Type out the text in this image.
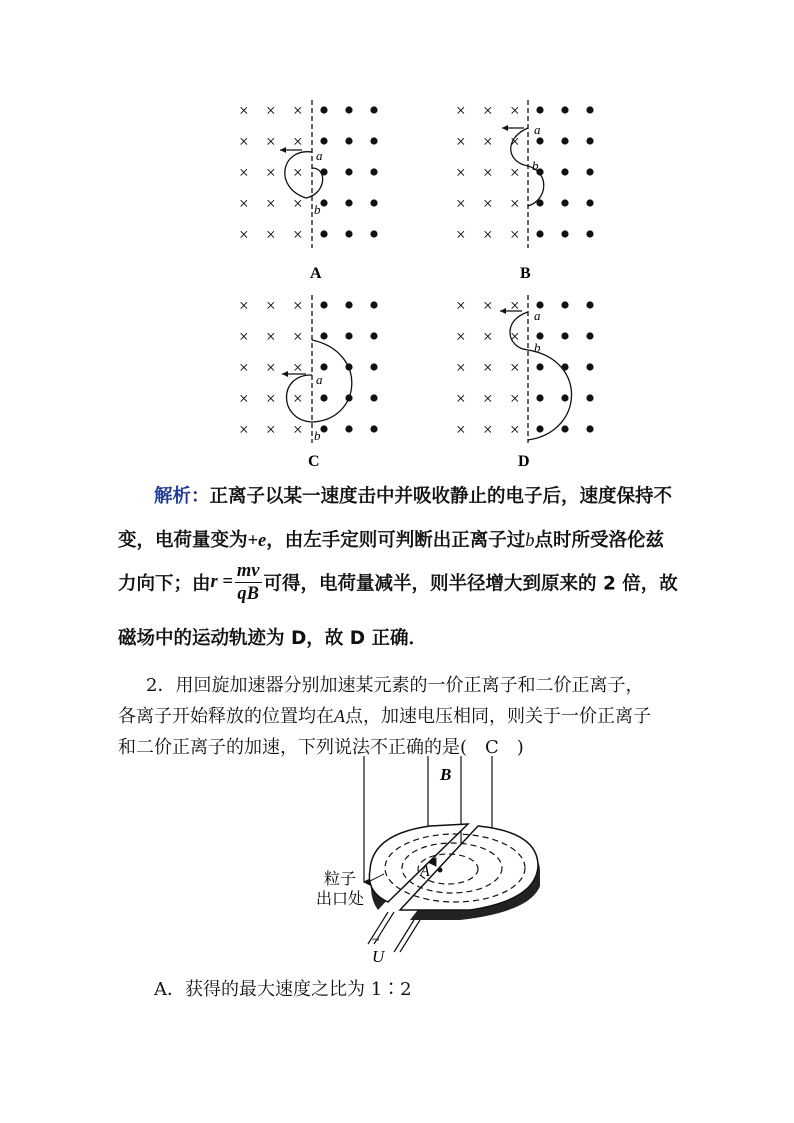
× × ×
× × ×
× × ×
× × ×
× × ×
a
b
A
× × ×
× × ×
× × ×
× × ×
× × ×
a
b
B
× × ×
× × ×
× × ×
× × ×
× × ×
a
b
C
× × ×
× × ×
× × ×
× × ×
× × ×
a
b
D
解析：正离子以某一速度击中并吸收静止的电子后，速度保持不
变，电荷量变为+e，由左手定则可判断出正离子过b点时所受洛伦兹
力向下；由$r = \frac{mv}{qB}$ 可得，电荷量减半，则半径增大到原来的 2 倍，故
磁场中的运动轨迹为 D，故 D 正确．
2．用回旋加速器分别加速某元素的一价正离子和二价正离子，
各离子开始释放的位置均在A点，加速电压相同，则关于一价正离子
和二价正离子的加速，下列说法不正确的是(　C　)
B
A
粒子
出口处
~
U
A．获得的最大速度之比为 1∶2
